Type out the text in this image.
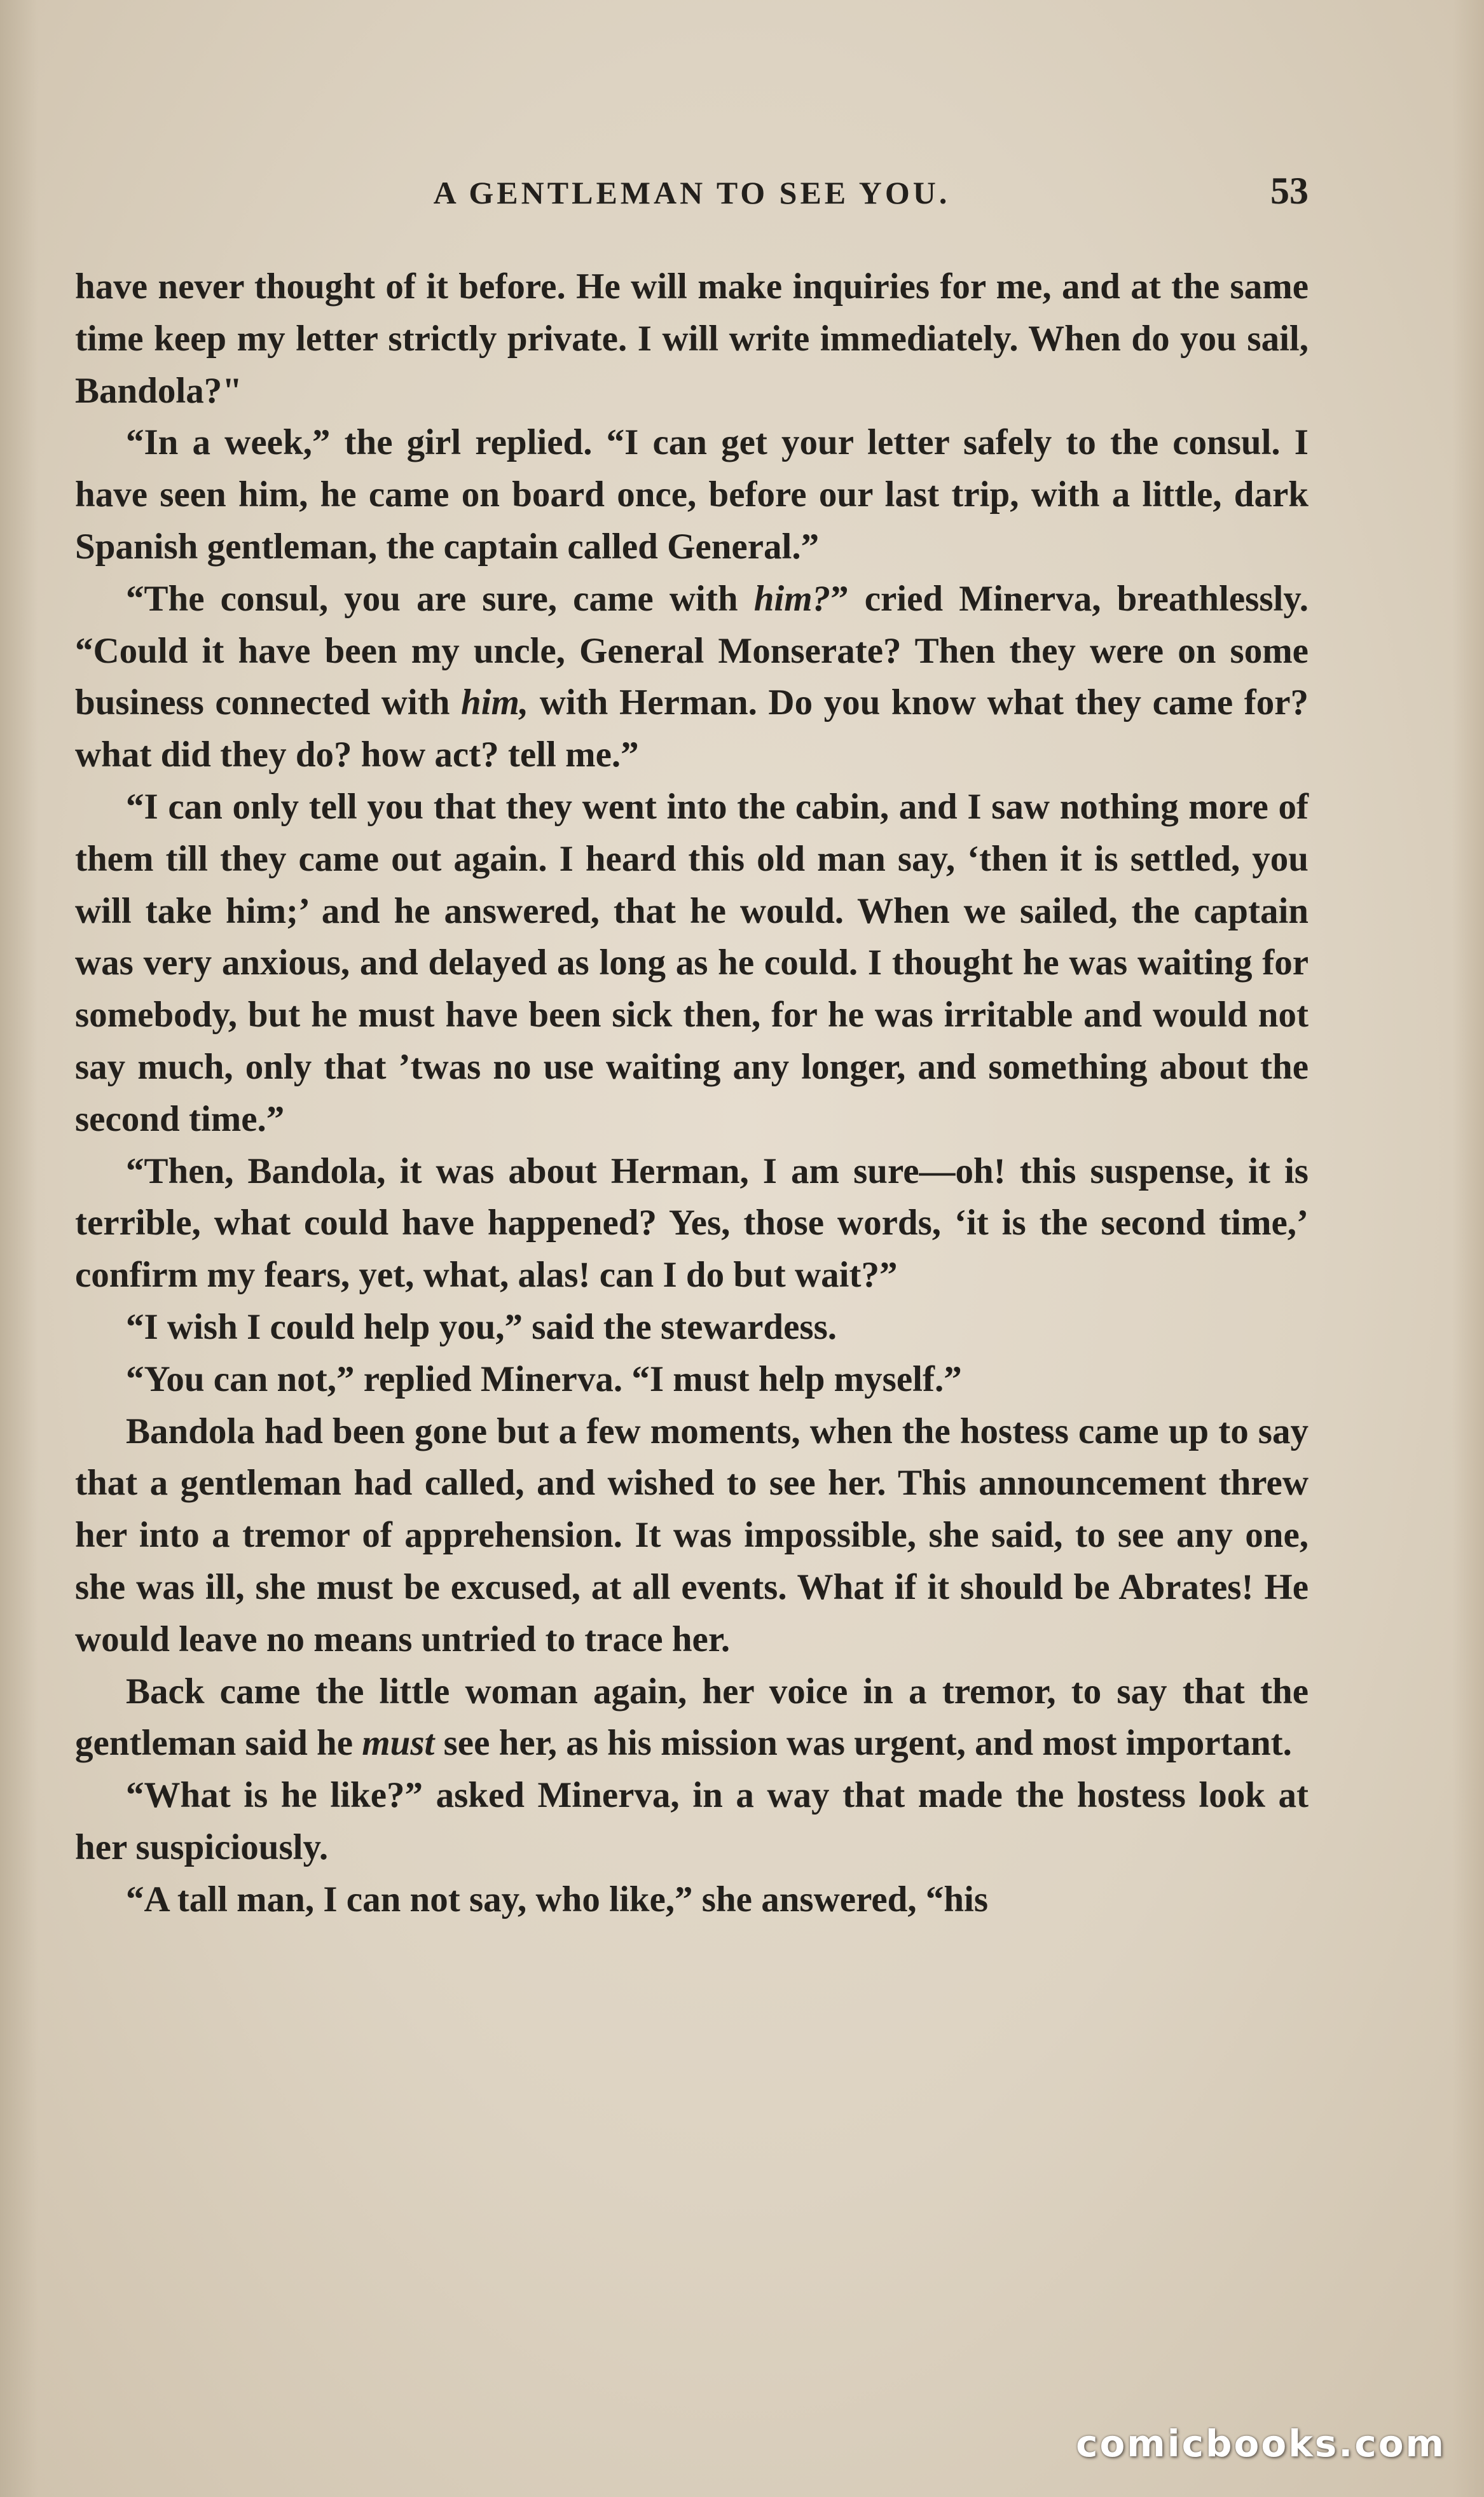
A GENTLEMAN TO SEE YOU.	53

have never thought of it before. He will make inquiries for me, and at the same time keep my letter strictly private. I will write immediately. When do you sail, Bandola?"

“In a week,” the girl replied. “I can get your letter safely to the consul. I have seen him, he came on board once, before our last trip, with a little, dark Spanish gentleman, the captain called General.”

“The consul, you are sure, came with him?” cried Minerva, breathlessly. “Could it have been my uncle, General Monserate? Then they were on some business connected with him, with Herman. Do you know what they came for? what did they do? how act? tell me.”

“I can only tell you that they went into the cabin, and I saw nothing more of them till they came out again. I heard this old man say, ‘then it is settled, you will take him;’ and he answered, that he would. When we sailed, the captain was very anxious, and delayed as long as he could. I thought he was waiting for somebody, but he must have been sick then, for he was irritable and would not say much, only that ’twas no use waiting any longer, and something about the second time.”

“Then, Bandola, it was about Herman, I am sure—oh! this suspense, it is terrible, what could have happened? Yes, those words, ‘it is the second time,’ confirm my fears, yet, what, alas! can I do but wait?”

“I wish I could help you,” said the stewardess.

“You can not,” replied Minerva. “I must help myself.”

Bandola had been gone but a few moments, when the hostess came up to say that a gentleman had called, and wished to see her. This announcement threw her into a tremor of apprehension. It was impossible, she said, to see any one, she was ill, she must be excused, at all events. What if it should be Abrates! He would leave no means untried to trace her.

Back came the little woman again, her voice in a tremor, to say that the gentleman said he must see her, as his mission was urgent, and most important.

“What is he like?” asked Minerva, in a way that made the hostess look at her suspiciously.

“A tall man, I can not say, who like,” she answered, “his

comicbooks.com
